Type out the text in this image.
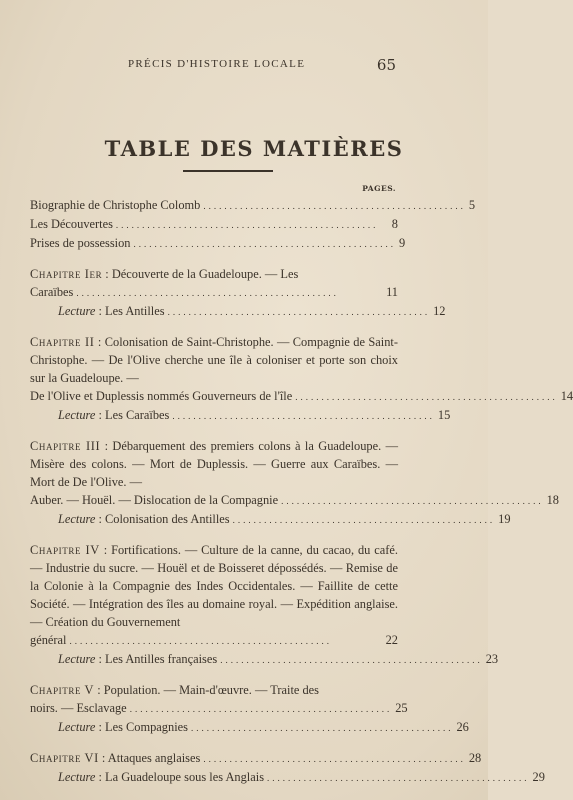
PRÉCIS D'HISTOIRE LOCALE	65
TABLE DES MATIÈRES
PAGES.
Biographie de Christophe Colomb .................................................. 5
Les Découvertes ..................................................	8
Prises de possession .................................................. 9
Chapitre Ier : Découverte de la Guadeloupe. — Les
Caraïbes ..................................................	11
Lecture : Les Antilles .................................................. 12
Chapitre II : Colonisation de Saint-Christophe. — Compagnie de Saint-Christophe. — De l'Olive cherche une île à coloniser et porte son choix sur la Guadeloupe. —
De l'Olive et Duplessis nommés Gouverneurs de l'île .................................................. 14
Lecture : Les Caraïbes .................................................. 15
Chapitre III : Débarquement des premiers colons à la Guadeloupe. — Misère des colons. — Mort de Duplessis. — Guerre aux Caraïbes. — Mort de De l'Olive. —
Auber. — Houël. — Dislocation de la Compagnie .................................................. 18
Lecture : Colonisation des Antilles .................................................. 19
Chapitre IV : Fortifications. — Culture de la canne, du cacao, du café. — Industrie du sucre. — Houël et de Boisseret dépossédés. — Remise de la Colonie à la Compagnie des Indes Occidentales. — Faillite de cette Société. — Intégration des îles au domaine royal. — Expédition anglaise. — Création du Gouvernement
général ..................................................	22
Lecture : Les Antilles françaises .................................................. 23
Chapitre V : Population. — Main-d'œuvre. — Traite des
noirs. — Esclavage .................................................. 25
Lecture : Les Compagnies .................................................. 26
Chapitre VI : Attaques anglaises .................................................. 28
Lecture : La Guadeloupe sous les Anglais .................................................. 29
